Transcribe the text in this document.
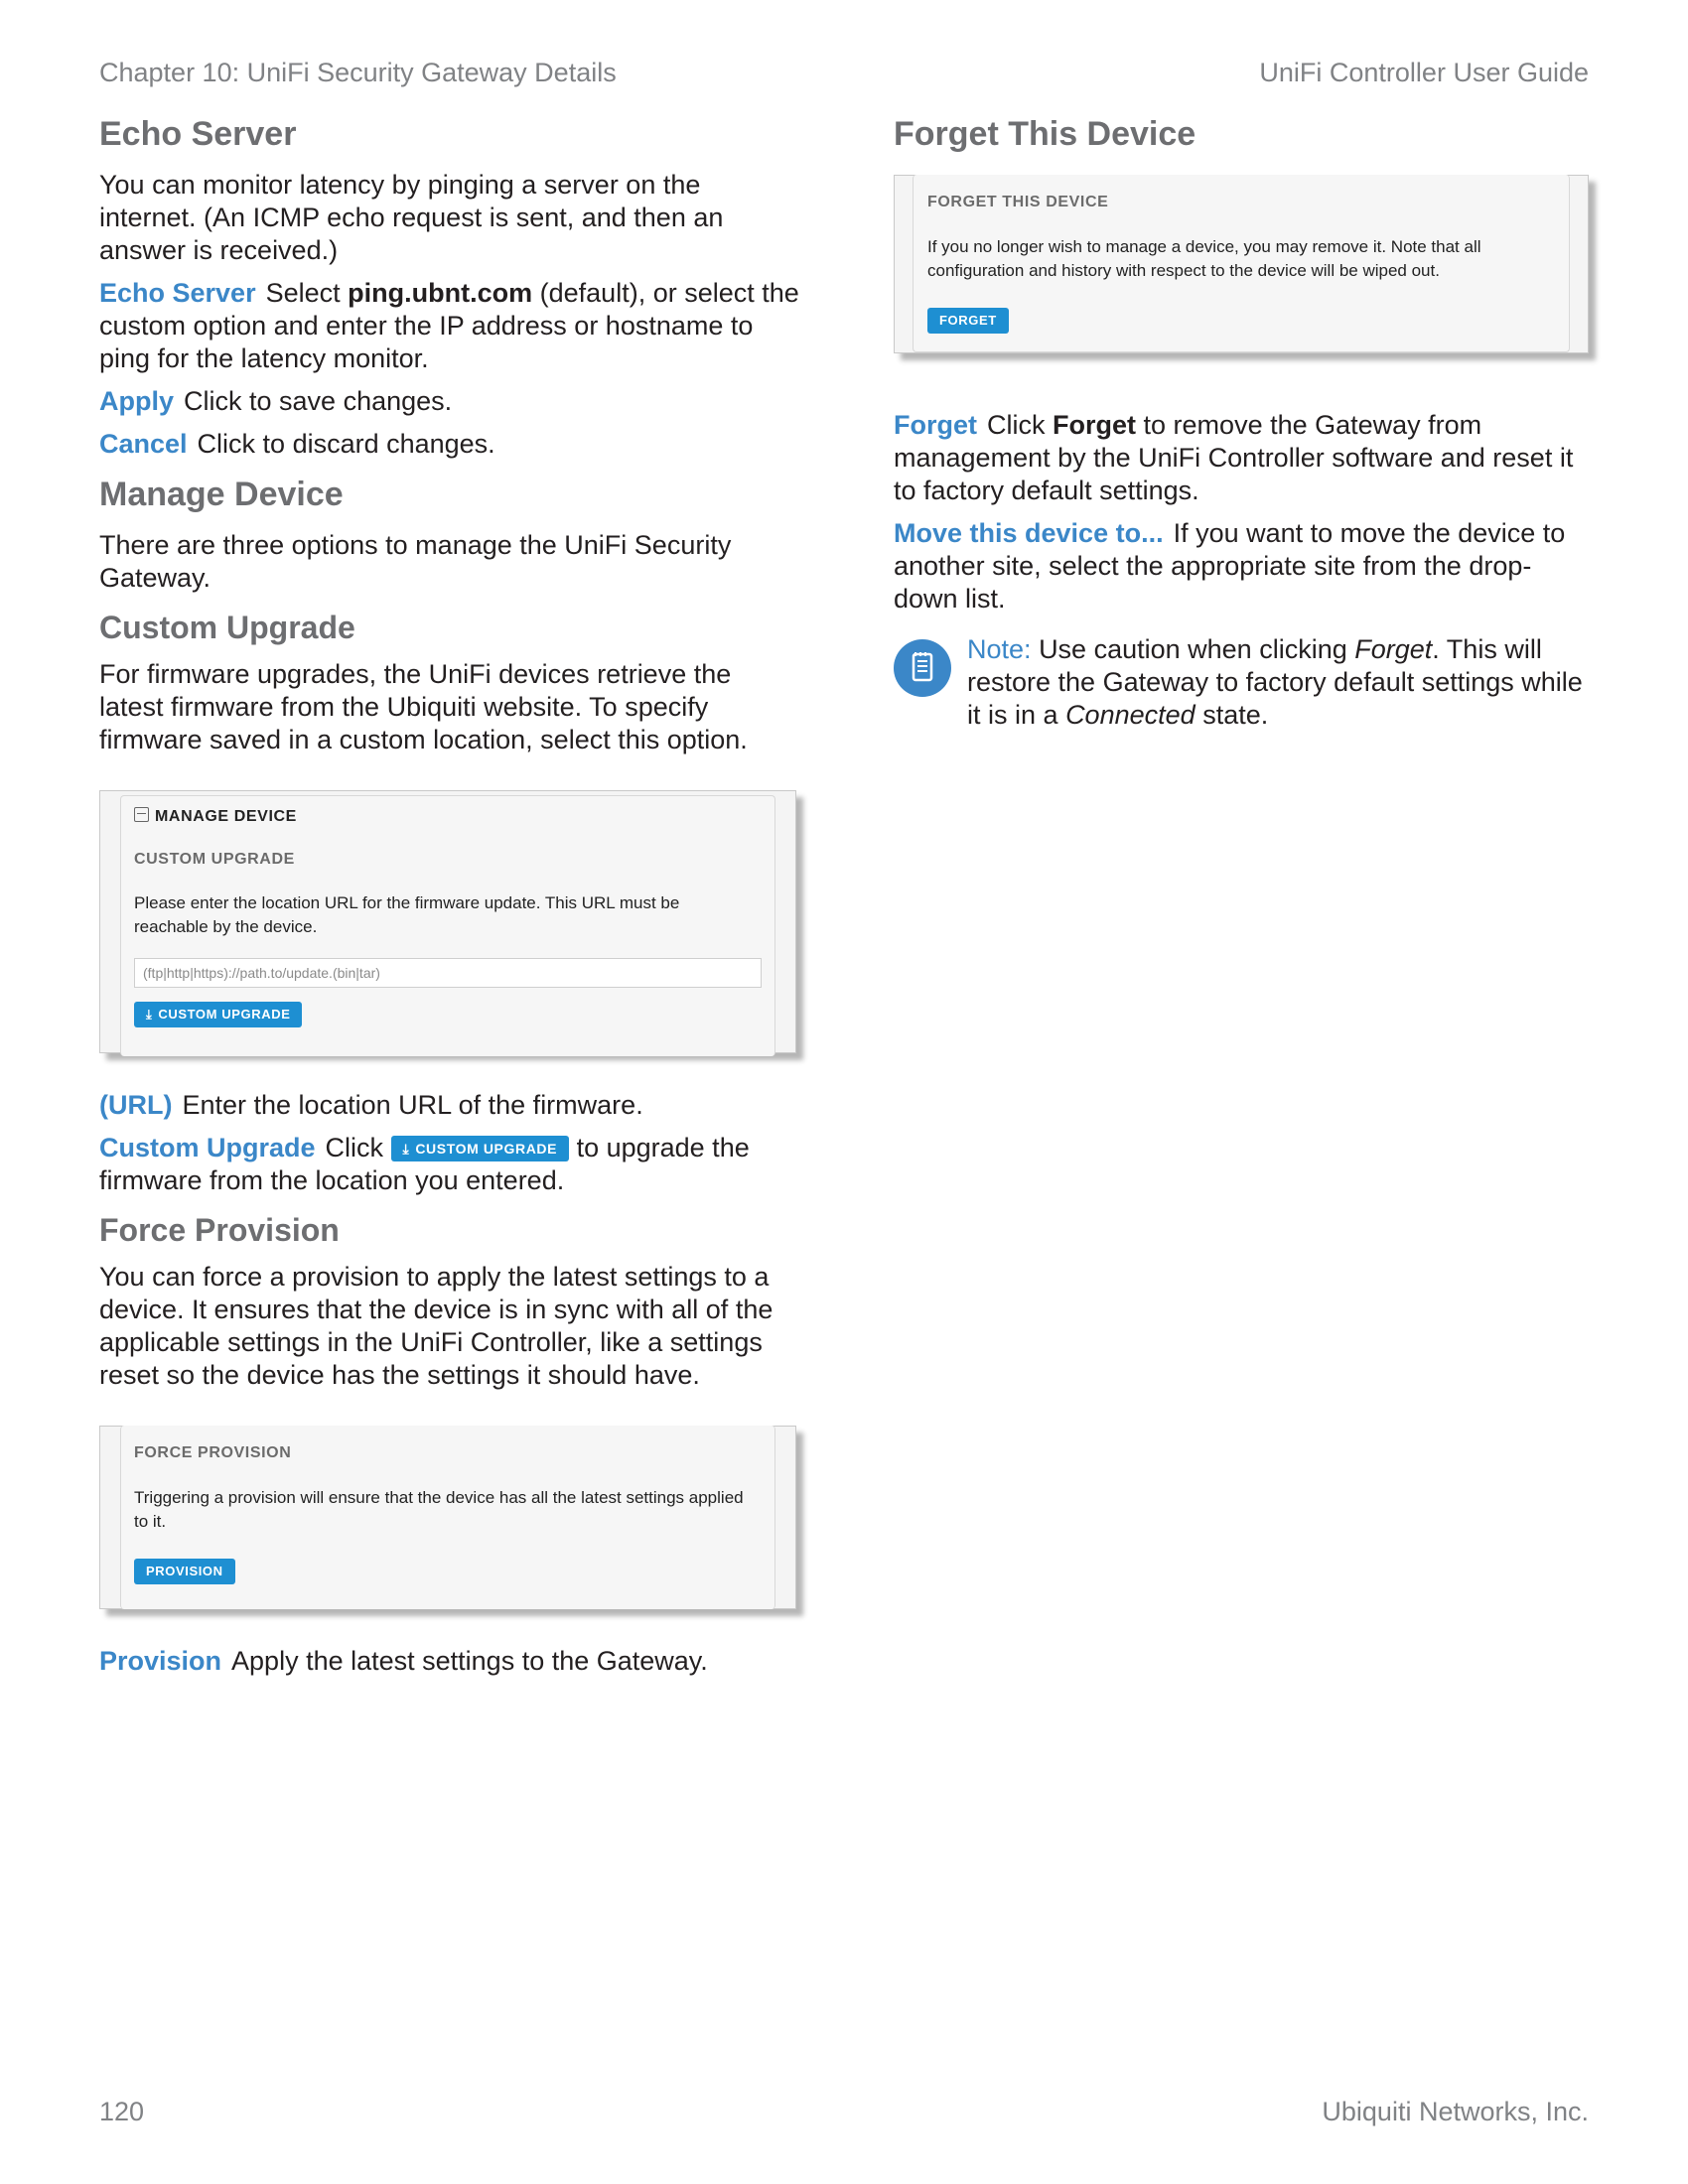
Chapter 10: UniFi Security Gateway Details	UniFi Controller User Guide
Echo Server

You can monitor latency by pinging a server on the internet. (An ICMP echo request is sent, and then an answer is received.)

Echo Server Select ping.ubnt.com (default), or select the custom option and enter the IP address or hostname to ping for the latency monitor.

Apply Click to save changes.

Cancel Click to discard changes.

Manage Device

There are three options to manage the UniFi Security Gateway.

Custom Upgrade

For firmware upgrades, the UniFi devices retrieve the latest firmware from the Ubiquiti website. To specify firmware saved in a custom location, select this option.

MANAGE DEVICE
CUSTOM UPGRADE
Please enter the location URL for the firmware update. This URL must be reachable by the device.
(ftp|http|https)://path.to/update.(bin|tar)
⤓ CUSTOM UPGRADE

(URL) Enter the location URL of the firmware.

Custom Upgrade Click ⤓ CUSTOM UPGRADE to upgrade the firmware from the location you entered.

Force Provision

You can force a provision to apply the latest settings to a device. It ensures that the device is in sync with all of the applicable settings in the UniFi Controller, like a settings reset so the device has the settings it should have.

FORCE PROVISION
Triggering a provision will ensure that the device has all the latest settings applied to it.
PROVISION

Provision Apply the latest settings to the Gateway.

Forget This Device
FORGET THIS DEVICE
If you no longer wish to manage a device, you may remove it. Note that all configuration and history with respect to the device will be wiped out.
FORGET

Forget Click Forget to remove the Gateway from management by the UniFi Controller software and reset it to factory default settings.

Move this device to... If you want to move the device to another site, select the appropriate site from the drop-down list.

Note: Use caution when clicking Forget. This will restore the Gateway to factory default settings while it is in a Connected state.

120	Ubiquiti Networks, Inc.
